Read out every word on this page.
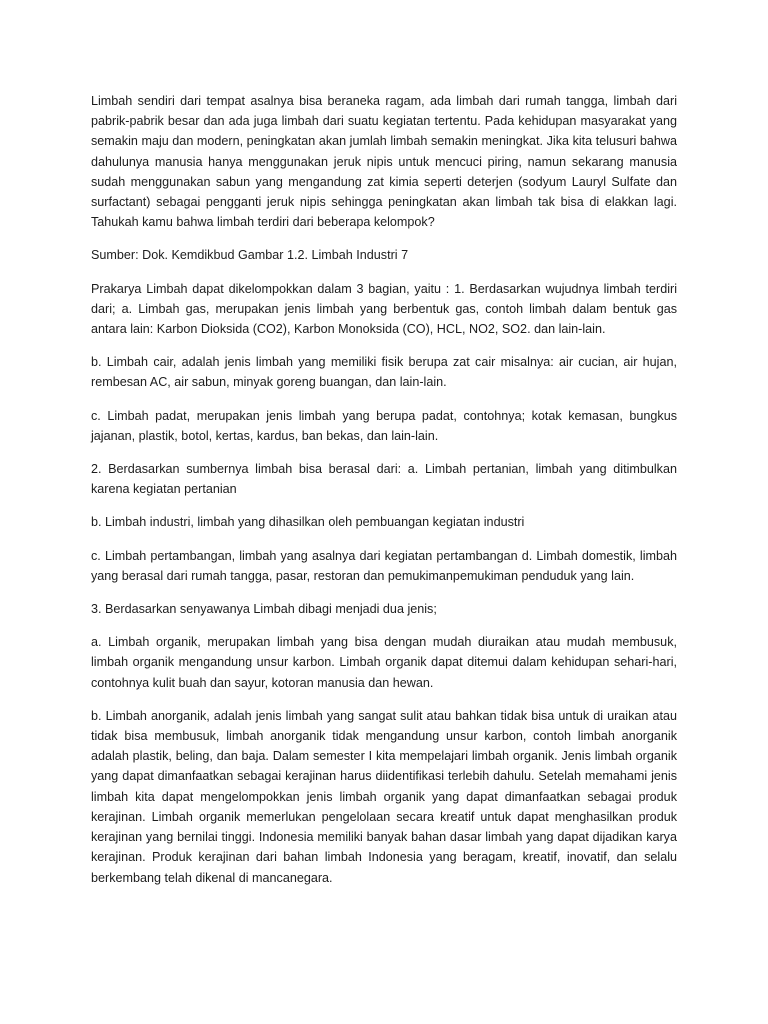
Limbah sendiri dari tempat asalnya bisa beraneka ragam, ada limbah dari rumah tangga, limbah dari pabrik-pabrik besar dan ada juga limbah dari suatu kegiatan tertentu. Pada kehidupan masyarakat yang semakin maju dan modern, peningkatan akan jumlah limbah semakin meningkat. Jika kita telusuri bahwa dahulunya manusia hanya menggunakan jeruk nipis untuk mencuci piring, namun sekarang manusia sudah menggunakan sabun yang mengandung zat kimia seperti deterjen (sodyum Lauryl Sulfate dan surfactant) sebagai pengganti jeruk nipis sehingga peningkatan akan limbah tak bisa di elakkan lagi. Tahukah kamu bahwa limbah terdiri dari beberapa kelompok?

Sumber: Dok. Kemdikbud Gambar 1.2. Limbah Industri 7

Prakarya Limbah dapat dikelompokkan dalam 3 bagian, yaitu : 1. Berdasarkan wujudnya limbah terdiri dari; a. Limbah gas, merupakan jenis limbah yang berbentuk gas, contoh limbah dalam bentuk gas antara lain: Karbon Dioksida (CO2), Karbon Monoksida (CO), HCL, NO2, SO2. dan lain-lain.

b. Limbah cair, adalah jenis limbah yang memiliki fisik berupa zat cair misalnya: air cucian, air hujan, rembesan AC, air sabun, minyak goreng buangan, dan lain-lain.

c. Limbah padat, merupakan jenis limbah yang berupa padat, contohnya; kotak kemasan, bungkus jajanan, plastik, botol, kertas, kardus, ban bekas, dan lain-lain.

2. Berdasarkan sumbernya limbah bisa berasal dari: a. Limbah pertanian, limbah yang ditimbulkan karena kegiatan pertanian

b. Limbah industri, limbah yang dihasilkan oleh pembuangan kegiatan industri

c. Limbah pertambangan, limbah yang asalnya dari kegiatan pertambangan d. Limbah domestik, limbah yang berasal dari rumah tangga, pasar, restoran dan pemukimanpemukiman penduduk yang lain.

3. Berdasarkan senyawanya Limbah dibagi menjadi dua jenis;

a. Limbah organik, merupakan limbah yang bisa dengan mudah diuraikan atau mudah membusuk, limbah organik mengandung unsur karbon. Limbah organik dapat ditemui dalam kehidupan sehari-hari, contohnya kulit buah dan sayur, kotoran manusia dan hewan.

b. Limbah anorganik, adalah jenis limbah yang sangat sulit atau bahkan tidak bisa untuk di uraikan atau tidak bisa membusuk, limbah anorganik tidak mengandung unsur karbon, contoh limbah anorganik adalah plastik, beling, dan baja. Dalam semester I kita mempelajari limbah organik. Jenis limbah organik yang dapat dimanfaatkan sebagai kerajinan harus diidentifikasi terlebih dahulu. Setelah memahami jenis limbah kita dapat mengelompokkan jenis limbah organik yang dapat dimanfaatkan sebagai produk kerajinan. Limbah organik memerlukan pengelolaan secara kreatif untuk dapat menghasilkan produk kerajinan yang bernilai tinggi. Indonesia memiliki banyak bahan dasar limbah yang dapat dijadikan karya kerajinan. Produk kerajinan dari bahan limbah Indonesia yang beragam, kreatif, inovatif, dan selalu berkembang telah dikenal di mancanegara.
